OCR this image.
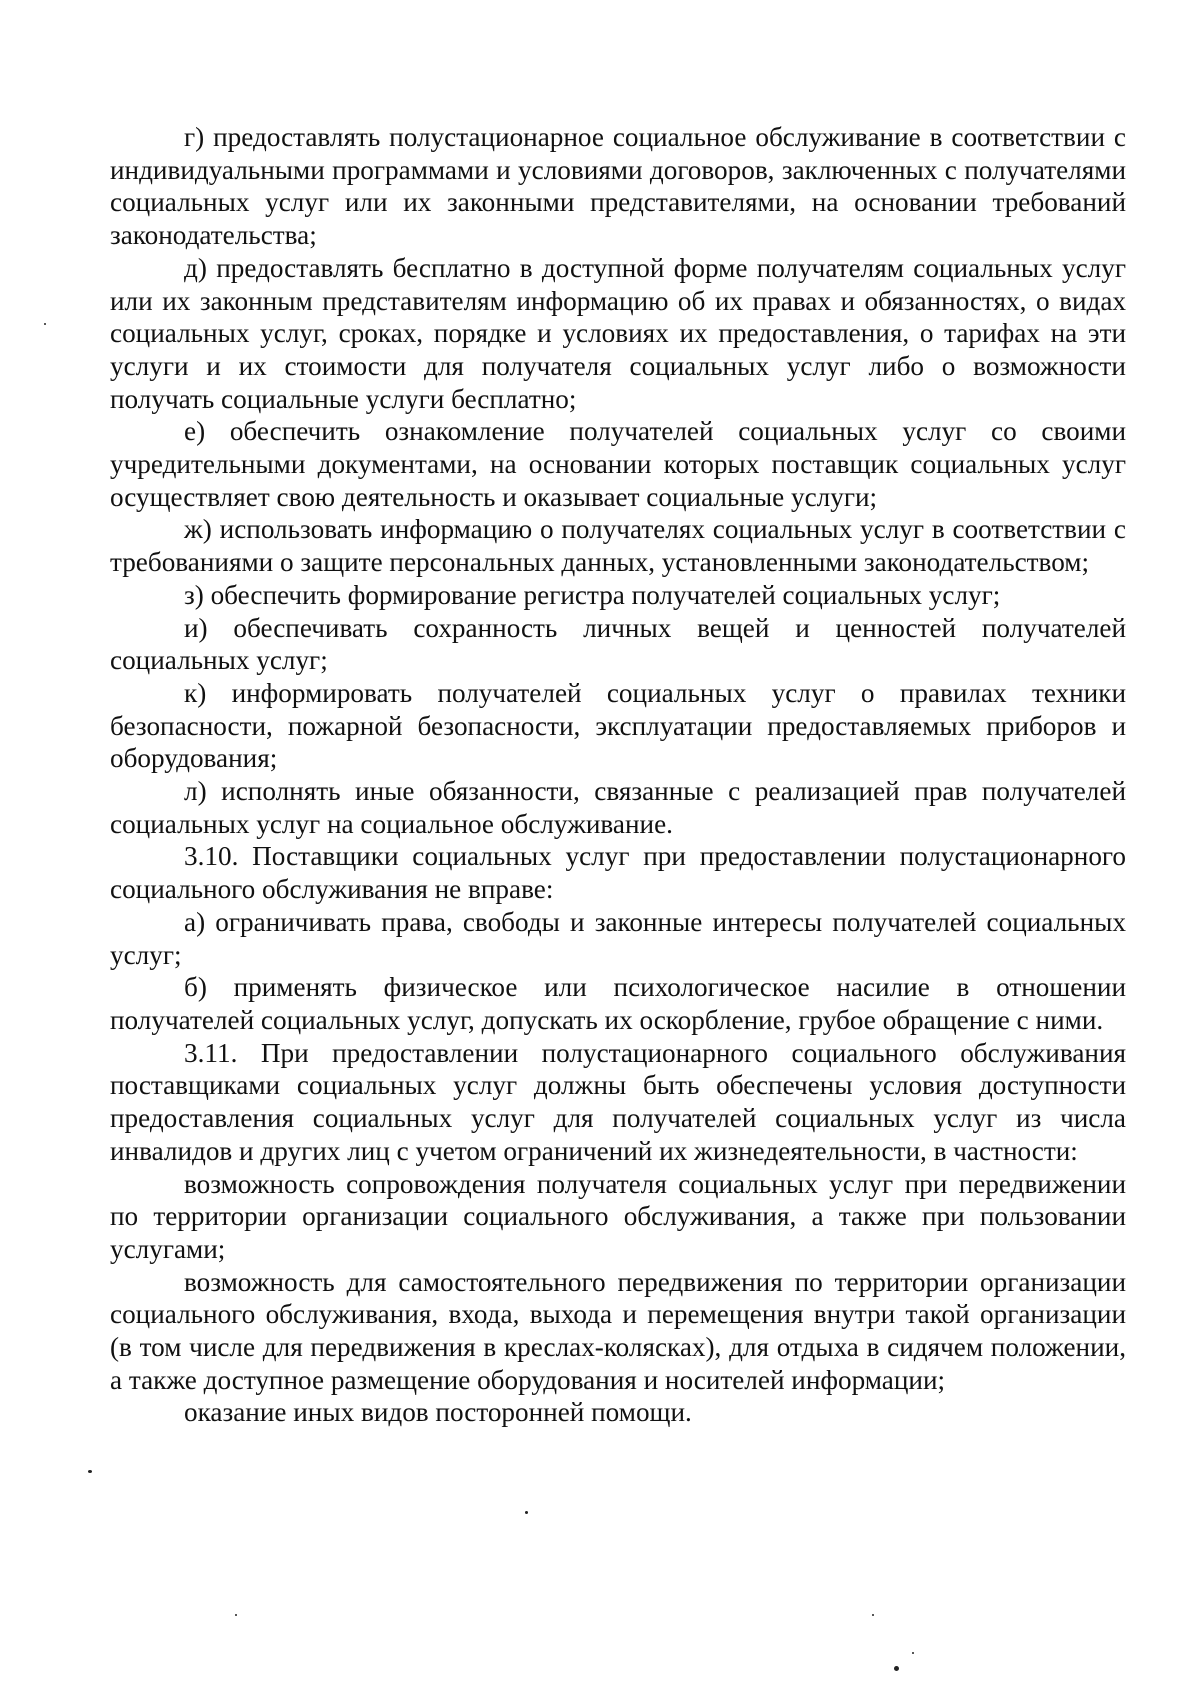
г) предоставлять полустационарное социальное обслуживание в соответствии с индивидуальными программами и условиями договоров, заключенных с получателями социальных услуг или их законными представителями, на основании требований законодательства;

д) предоставлять бесплатно в доступной форме получателям социальных услуг или их законным представителям информацию об их правах и обязанностях, о видах социальных услуг, сроках, порядке и условиях их предоставления, о тарифах на эти услуги и их стоимости для получателя социальных услуг либо о возможности получать социальные услуги бесплатно;

е) обеспечить ознакомление получателей социальных услуг со своими учредительными документами, на основании которых поставщик социальных услуг осуществляет свою деятельность и оказывает социальные услуги;

ж) использовать информацию о получателях социальных услуг в соответствии с требованиями о защите персональных данных, установленными законодательством;

з) обеспечить формирование регистра получателей социальных услуг;

и) обеспечивать сохранность личных вещей и ценностей получателей социальных услуг;

к) информировать получателей социальных услуг о правилах техники безопасности, пожарной безопасности, эксплуатации предоставляемых приборов и оборудования;

л) исполнять иные обязанности, связанные с реализацией прав получателей социальных услуг на социальное обслуживание.

3.10. Поставщики социальных услуг при предоставлении полустационарного социального обслуживания не вправе:

а) ограничивать права, свободы и законные интересы получателей социальных услуг;

б) применять физическое или психологическое насилие в отношении получателей социальных услуг, допускать их оскорбление, грубое обращение с ними.

3.11. При предоставлении полустационарного социального обслуживания поставщиками социальных услуг должны быть обеспечены условия доступности предоставления социальных услуг для получателей социальных услуг из числа инвалидов и других лиц с учетом ограничений их жизнедеятельности, в частности:

возможность сопровождения получателя социальных услуг при передвижении по территории организации социального обслуживания, а также при пользовании услугами;

возможность для самостоятельного передвижения по территории организации социального обслуживания, входа, выхода и перемещения внутри такой организации (в том числе для передвижения в креслах-колясках), для отдыха в сидячем положении, а также доступное размещение оборудования и носителей информации;

оказание иных видов посторонней помощи.
